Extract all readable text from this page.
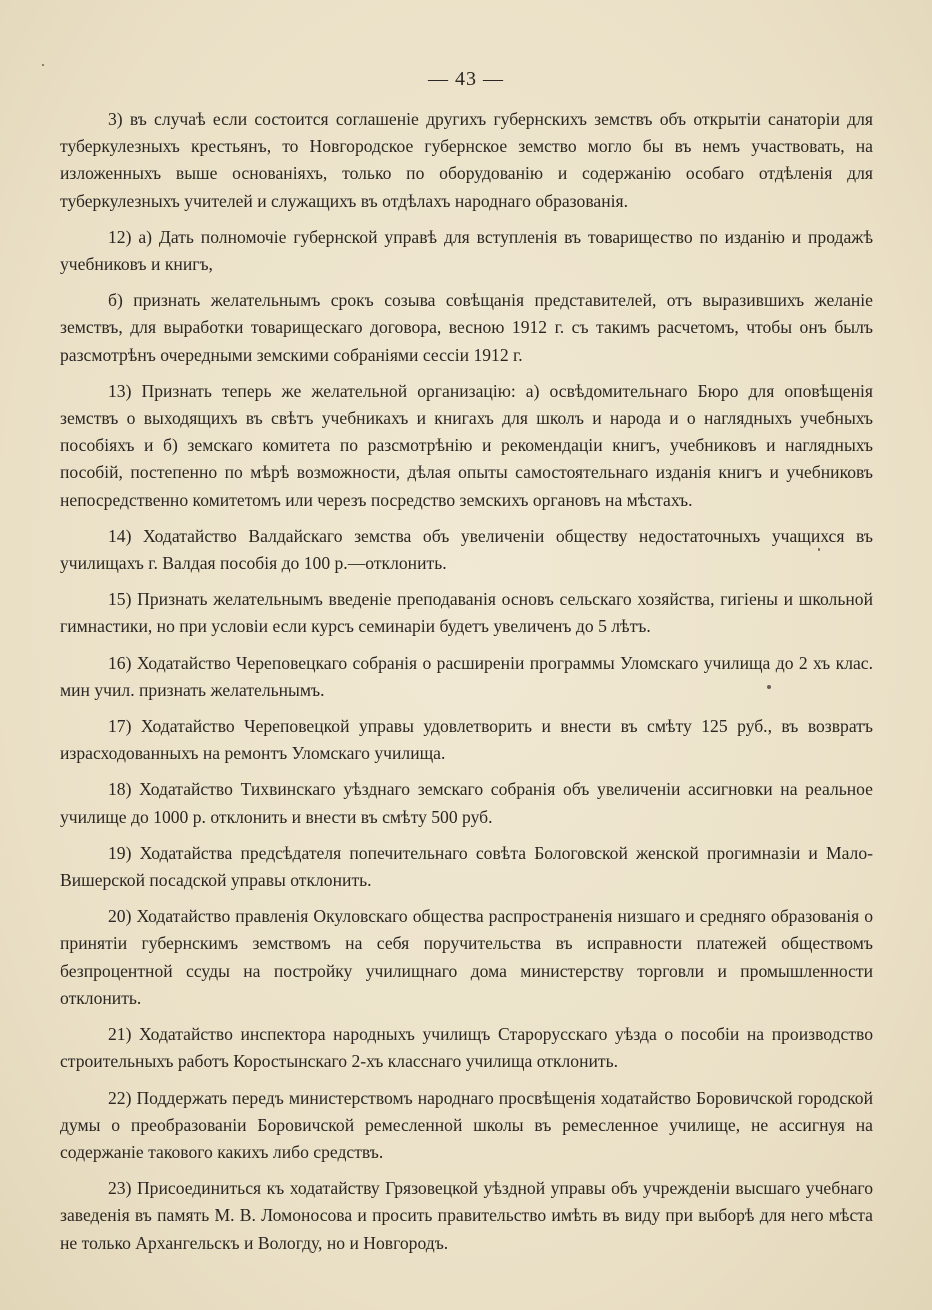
— 43 —

3) въ случаѣ если состоится соглашеніе другихъ губернскихъ земствъ объ открытіи санаторіи для туберкулезныхъ крестьянъ, то Новгородское губернское земство могло бы въ немъ участвовать, на изложенныхъ выше основаніяхъ, только по оборудованію и содержанію особаго отдѣленія для туберкулезныхъ учителей и служащихъ въ отдѣлахъ народнаго образованія.

12) а) Дать полномочіе губернской управѣ для вступленія въ товарищество по изданію и продажѣ учебниковъ и книгъ,

б) признать желательнымъ срокъ созыва совѣщанія представителей, отъ выразившихъ желаніе земствъ, для выработки товарищескаго договора, весною 1912 г. съ такимъ расчетомъ, чтобы онъ былъ разсмотрѣнъ очередными земскими собраніями сессіи 1912 г.

13) Признать теперь же желательной организацію: а) освѣдомительнаго Бюро для оповѣщенія земствъ о выходящихъ въ свѣтъ учебникахъ и книгахъ для школъ и народа и о наглядныхъ учебныхъ пособіяхъ и б) земскаго комитета по разсмотрѣнію и рекомендаціи книгъ, учебниковъ и наглядныхъ пособій, постепенно по мѣрѣ возможности, дѣлая опыты самостоятельнаго изданія книгъ и учебниковъ непосредственно комитетомъ или черезъ посредство земскихъ органовъ на мѣстахъ.

14) Ходатайство Валдайскаго земства объ увеличеніи обществу недостаточныхъ учащихся въ училищахъ г. Валдая пособія до 100 р.—отклонить.

15) Признать желательнымъ введеніе преподаванія основъ сельскаго хозяйства, гигіены и школьной гимнастики, но при условіи если курсъ семинаріи будетъ увеличенъ до 5 лѣтъ.

16) Ходатайство Череповецкаго собранія о расширеніи программы Уломскаго училища до 2 хъ клас. мин учил. признать желательнымъ.

17) Ходатайство Череповецкой управы удовлетворить и внести въ смѣту 125 руб., въ возвратъ израсходованныхъ на ремонтъ Уломскаго училища.

18) Ходатайство Тихвинскаго уѣзднаго земскаго собранія объ увеличеніи ассигновки на реальное училище до 1000 р. отклонить и внести въ смѣту 500 руб.

19) Ходатайства предсѣдателя попечительнаго совѣта Бологовской женской прогимназіи и Мало-Вишерской посадской управы отклонить.

20) Ходатайство правленія Окуловскаго общества распространенія низшаго и средняго образованія о принятіи губернскимъ земствомъ на себя поручительства въ исправности платежей обществомъ безпроцентной ссуды на постройку училищнаго дома министерству торговли и промышленности отклонить.

21) Ходатайство инспектора народныхъ училищъ Старорусскаго уѣзда о пособіи на производство строительныхъ работъ Коростынскаго 2-хъ класснаго училища отклонить.

22) Поддержать передъ министерствомъ народнаго просвѣщенія ходатайство Боровичской городской думы о преобразованіи Боровичской ремесленной школы въ ремесленное училище, не ассигнуя на содержаніе такового какихъ либо средствъ.

23) Присоединиться къ ходатайству Грязовецкой уѣздной управы объ учрежденіи высшаго учебнаго заведенія въ память М. В. Ломоносова и просить правительство имѣть въ виду при выборѣ для него мѣста не только Архангельскъ и Вологду, но и Новгородъ.
